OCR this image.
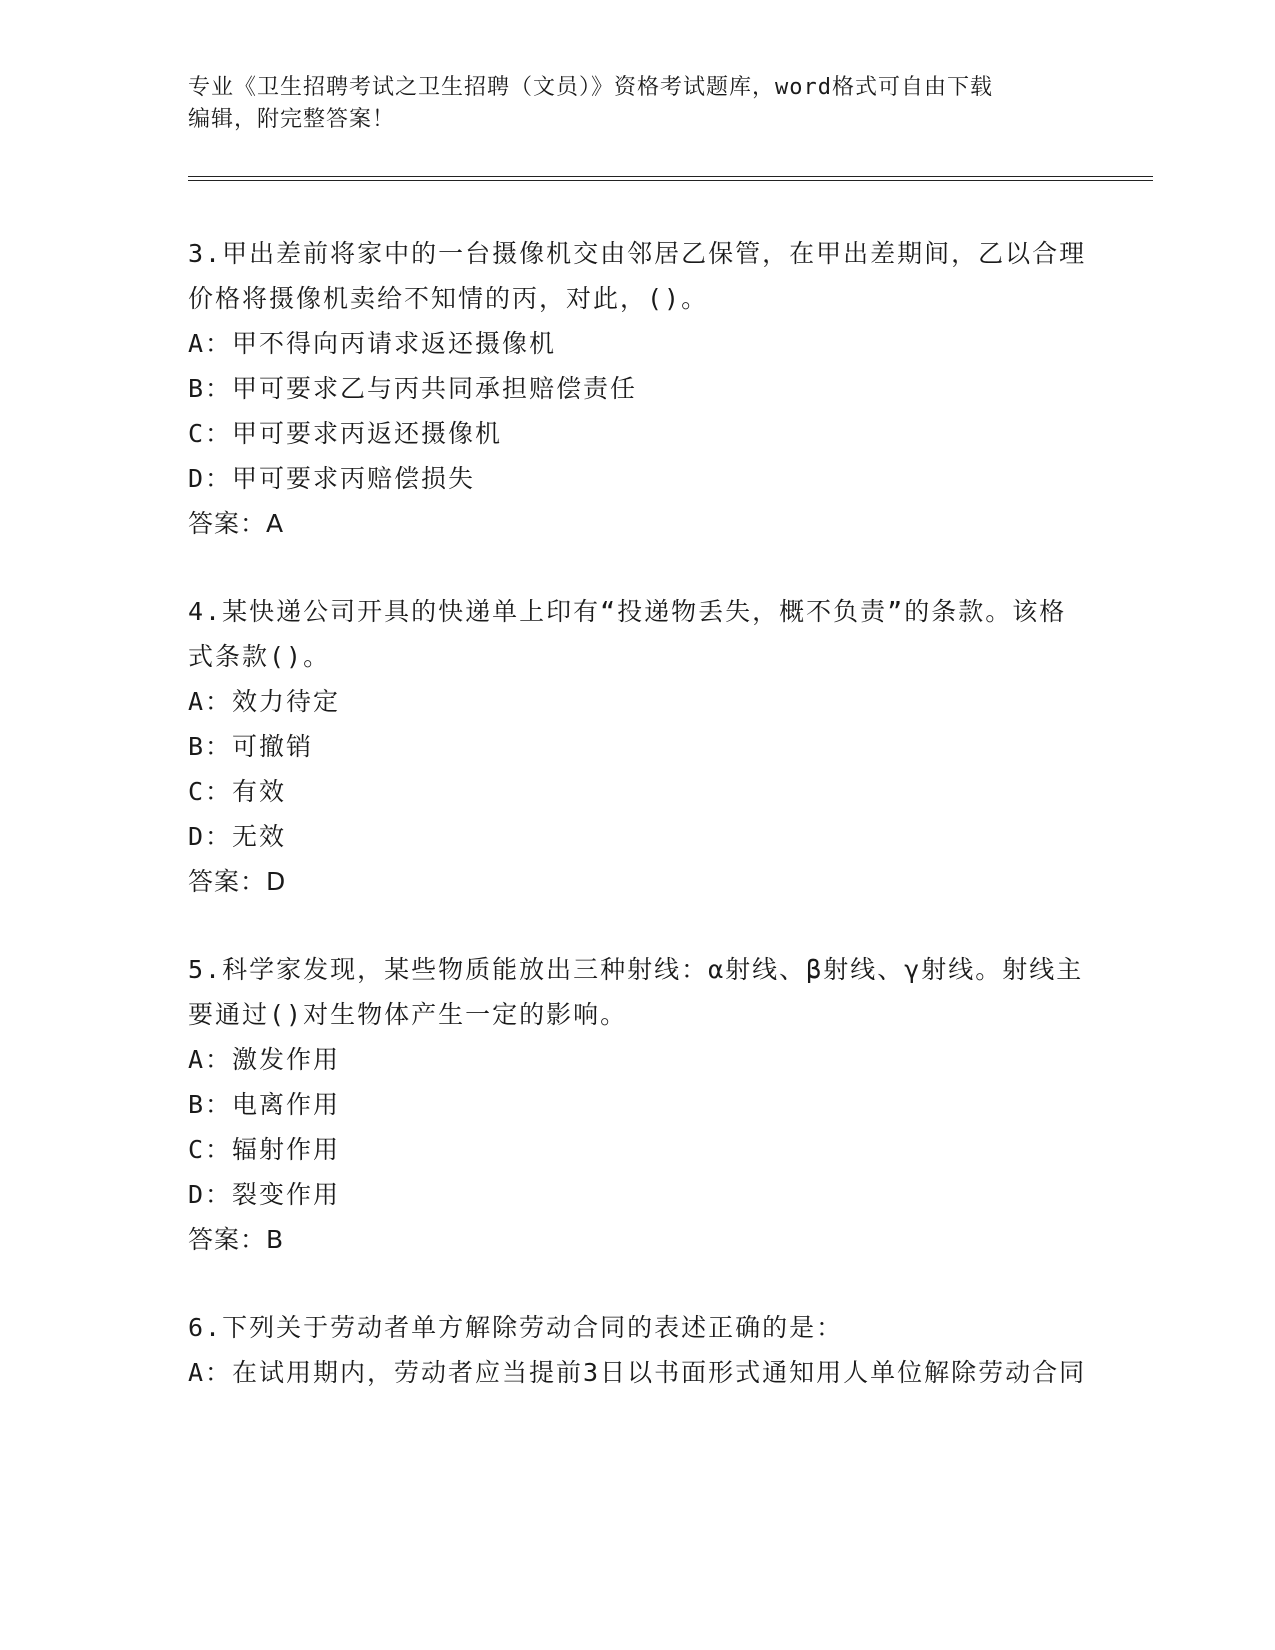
专业《卫生招聘考试之卫生招聘（文员）》资格考试题库，word格式可自由下载
编辑，附完整答案！
3.甲出差前将家中的一台摄像机交由邻居乙保管，在甲出差期间，乙以合理价格将摄像机卖给不知情的丙，对此，()。
A：甲不得向丙请求返还摄像机
B：甲可要求乙与丙共同承担赔偿责任
C：甲可要求丙返还摄像机
D：甲可要求丙赔偿损失
答案：A
4.某快递公司开具的快递单上印有“投递物丢失，概不负责”的条款。该格式条款()。
A：效力待定
B：可撤销
C：有效
D：无效
答案：D
5.科学家发现，某些物质能放出三种射线：α射线、β射线、γ射线。射线主要通过()对生物体产生一定的影响。
A：激发作用
B：电离作用
C：辐射作用
D：裂变作用
答案：B
6.下列关于劳动者单方解除劳动合同的表述正确的是：
A：在试用期内，劳动者应当提前3日以书面形式通知用人单位解除劳动合同
